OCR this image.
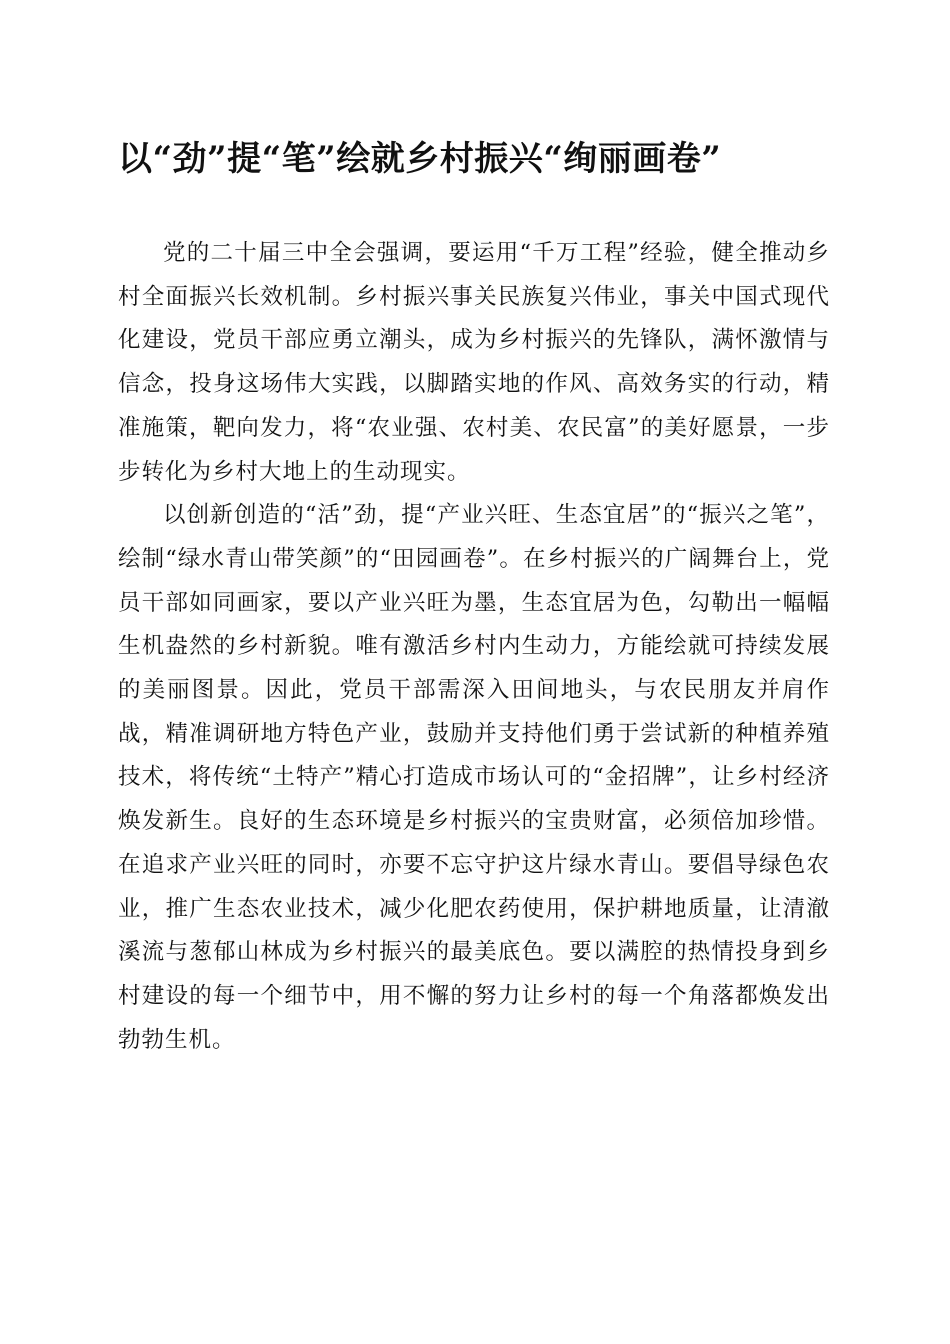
以“劲”提“笔”绘就乡村振兴“绚丽画卷”

党的二十届三中全会强调，要运用“千万工程”经验，健全推动乡村全面振兴长效机制。乡村振兴事关民族复兴伟业，事关中国式现代化建设，党员干部应勇立潮头，成为乡村振兴的先锋队，满怀激情与信念，投身这场伟大实践，以脚踏实地的作风、高效务实的行动，精准施策，靶向发力，将“农业强、农村美、农民富”的美好愿景，一步步转化为乡村大地上的生动现实。

以创新创造的“活”劲，提“产业兴旺、生态宜居”的“振兴之笔”，绘制“绿水青山带笑颜”的“田园画卷”。在乡村振兴的广阔舞台上，党员干部如同画家，要以产业兴旺为墨，生态宜居为色，勾勒出一幅幅生机盎然的乡村新貌。唯有激活乡村内生动力，方能绘就可持续发展的美丽图景。因此，党员干部需深入田间地头，与农民朋友并肩作战，精准调研地方特色产业，鼓励并支持他们勇于尝试新的种植养殖技术，将传统“土特产”精心打造成市场认可的“金招牌”，让乡村经济焕发新生。良好的生态环境是乡村振兴的宝贵财富，必须倍加珍惜。在追求产业兴旺的同时，亦要不忘守护这片绿水青山。要倡导绿色农业，推广生态农业技术，减少化肥农药使用，保护耕地质量，让清澈溪流与葱郁山林成为乡村振兴的最美底色。要以满腔的热情投身到乡村建设的每一个细节中，用不懈的努力让乡村的每一个角落都焕发出勃勃生机。
